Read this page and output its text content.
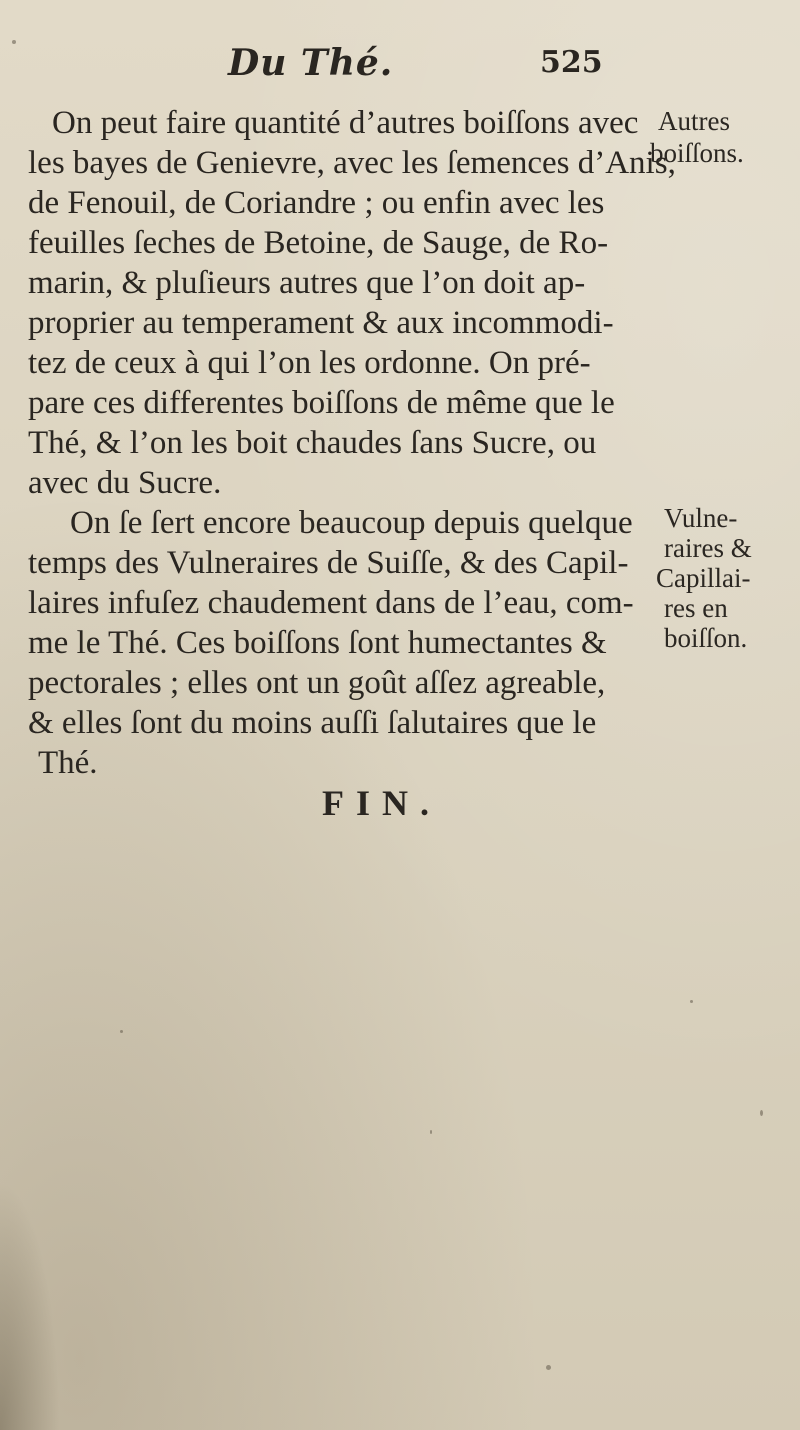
Du Thé.	525
On peut faire quantité d’autres boiſſons avec
les bayes de Genievre, avec les ſemences d’Anis,
de Fenouil, de Coriandre ; ou enfin avec les
feuilles ſeches de Betoine, de Sauge, de Ro-
marin, & pluſieurs autres que l’on doit ap-
proprier au temperament & aux incommodi-
tez de ceux à qui l’on les ordonne. On pré-
pare ces differentes boiſſons de même que le
Thé, & l’on les boit chaudes ſans Sucre, ou
avec du Sucre.
On ſe ſert encore beaucoup depuis quelque
temps des Vulneraires de Suiſſe, & des Capil-
laires infuſez chaudement dans de l’eau, com-
me le Thé. Ces boiſſons ſont humectantes &
pectorales ; elles ont un goût aſſez agreable,
& elles ſont du moins auſſi ſalutaires que le
Thé.
Autres
boiſſons.
Vulne-
raires &
Capillai-
res en
boiſſon.
FIN.
